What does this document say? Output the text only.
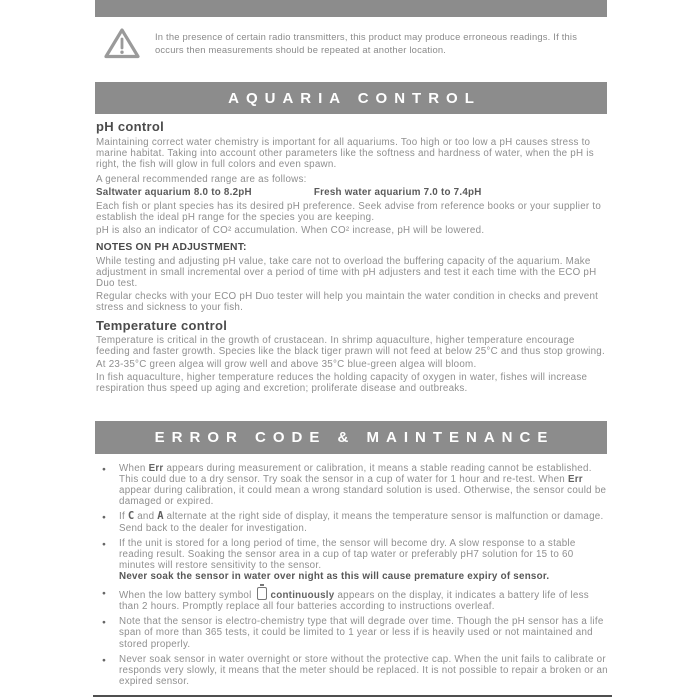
In the presence of certain radio transmitters, this product may produce erroneous readings. If this occurs then measurements should be repeated at another location.

AQUARIA CONTROL
pH control

Maintaining correct water chemistry is important for all aquariums. Too high or too low a pH causes stress to marine habitat. Taking into account other parameters like the softness and hardness of water, when the pH is right, the fish will glow in full colors and even spawn.

A general recommended range are as follows:

Saltwater aquarium 8.0 to 8.2pH	Fresh water aquarium 7.0 to 7.4pH

Each fish or plant species has its desired pH preference. Seek advise from reference books or your supplier to establish the ideal pH range for the species you are keeping.

pH is also an indicator of CO² accumulation. When CO² increase, pH will be lowered.

NOTES ON PH ADJUSTMENT:

While testing and adjusting pH value, take care not to overload the buffering capacity of the aquarium. Make adjustment in small incremental over a period of time with pH adjusters and test it each time with the ECO pH Duo test.

Regular checks with your ECO pH Duo tester will help you maintain the water condition in checks and prevent stress and sickness to your fish.

Temperature control

Temperature is critical in the growth of crustacean. In shrimp aquaculture, higher temperature encourage feeding and faster growth. Species like the black tiger prawn will not feed at below 25°C and thus stop growing.

At 23-35°C green algea will grow well and above 35°C blue-green algea will bloom.

In fish aquaculture, higher temperature reduces the holding capacity of oxygen in water, fishes will increase respiration thus speed up aging and excretion; proliferate disease and outbreaks.

ERROR CODE & MAINTENANCE
● When Err appears during measurement or calibration, it means a stable reading cannot be established. This could due to a dry sensor. Try soak the sensor in a cup of water for 1 hour and re-test. When Err appear during calibration, it could mean a wrong standard solution is used. Otherwise, the sensor could be damaged or expired.
● If C and A alternate at the right side of display, it means the temperature sensor is malfunction or damage. Send back to the dealer for investigation.
● If the unit is stored for a long period of time, the sensor will become dry. A slow response to a stable reading result. Soaking the sensor area in a cup of tap water or preferably pH7 solution for 15 to 60 minutes will restore sensitivity to the sensor.
Never soak the sensor in water over night as this will cause premature expiry of sensor.
● When the low battery symbol continuously appears on the display, it indicates a battery life of less than 2 hours. Promptly replace all four batteries according to instructions overleaf.
● Note that the sensor is electro-chemistry type that will degrade over time. Though the pH sensor has a life span of more than 365 tests, it could be limited to 1 year or less if is heavily used or not maintained and stored properly.
● Never soak sensor in water overnight or store without the protective cap. When the unit fails to calibrate or responds very slowly, it means that the meter should be replaced. It is not possible to repair a broken or an expired sensor.
